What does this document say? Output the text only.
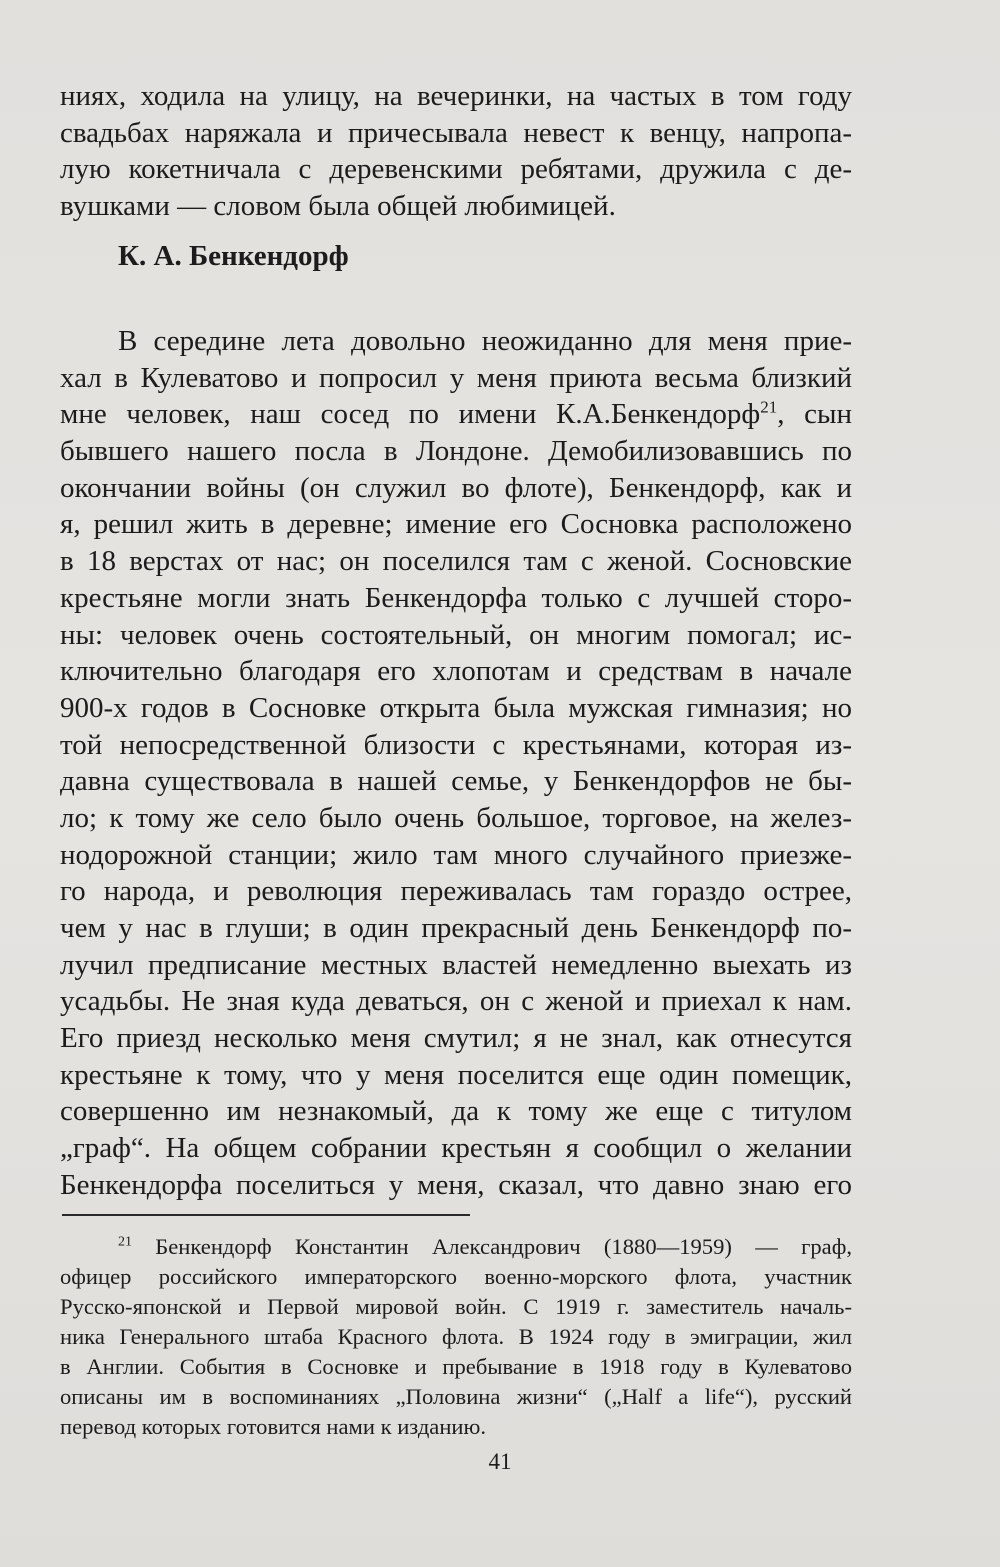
ниях, ходила на улицу, на вечеринки, на частых в том году
свадьбах наряжала и причесывала невест к венцу, напропа-
лую кокетничала с деревенскими ребятами, дружила с де-
вушками — словом была общей любимицей.
К. А. Бенкендорф
В середине лета довольно неожиданно для меня прие-
хал в Кулеватово и попросил у меня приюта весьма близкий
мне человек, наш сосед по имени К.А.Бенкендорф$^{21}$, сын
бывшего нашего посла в Лондоне. Демобилизовавшись по
окончании войны (он служил во флоте), Бенкендорф, как и
я, решил жить в деревне; имение его Сосновка расположено
в 18 верстах от нас; он поселился там с женой. Сосновские
крестьяне могли знать Бенкендорфа только с лучшей сторо-
ны: человек очень состоятельный, он многим помогал; ис-
ключительно благодаря его хлопотам и средствам в начале
900-х годов в Сосновке открыта была мужская гимназия; но
той непосредственной близости с крестьянами, которая из-
давна существовала в нашей семье, у Бенкендорфов не бы-
ло; к тому же село было очень большое, торговое, на желез-
нодорожной станции; жило там много случайного приезже-
го народа, и революция переживалась там гораздо острее,
чем у нас в глуши; в один прекрасный день Бенкендорф по-
лучил предписание местных властей немедленно выехать из
усадьбы. Не зная куда деваться, он с женой и приехал к нам.
Его приезд несколько меня смутил; я не знал, как отнесутся
крестьяне к тому, что у меня поселится еще один помещик,
совершенно им незнакомый, да к тому же еще с титулом
„граф“. На общем собрании крестьян я сообщил о желании
Бенкендорфа поселиться у меня, сказал, что давно знаю его
$^{21}$ Бенкендорф Константин Александрович (1880—1959) — граф,
офицер российского императорского военно-морского флота, участник
Русско-японской и Первой мировой войн. С 1919 г. заместитель началь-
ника Генерального штаба Красного флота. В 1924 году в эмиграции, жил
в Англии. События в Сосновке и пребывание в 1918 году в Кулеватово
описаны им в воспоминаниях „Половина жизни“ („Half a life“), русский
перевод которых готовится нами к изданию.
41
